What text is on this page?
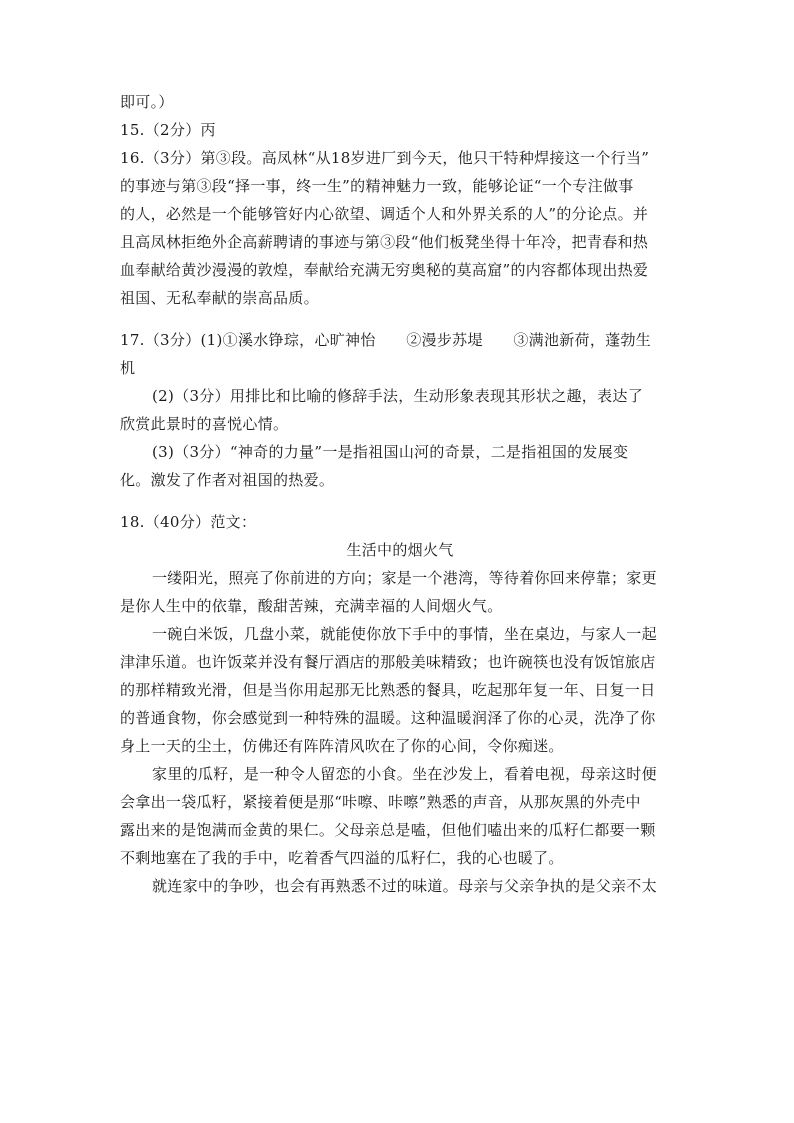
即可。）
15.（2分）丙
16.（3分）第③段。高凤林“从18岁进厂到今天，他只干特种焊接这一个行当”
的事迹与第③段“择一事，终一生”的精神魅力一致，能够论证“一个专注做事
的人，必然是一个能够管好内心欲望、调适个人和外界关系的人”的分论点。并
且高凤林拒绝外企高薪聘请的事迹与第③段“他们板凳坐得十年冷，把青春和热
血奉献给黄沙漫漫的敦煌，奉献给充满无穷奥秘的莫高窟”的内容都体现出热爱
祖国、无私奉献的崇高品质。
17.（3分）(1)①溪水铮琮，心旷神怡　　②漫步苏堤　　③满池新荷，蓬勃生
机
(2)（3分）用排比和比喻的修辞手法，生动形象表现其形状之趣，表达了
欣赏此景时的喜悦心情。
(3)（3分）“神奇的力量”一是指祖国山河的奇景，二是指祖国的发展变
化。激发了作者对祖国的热爱。
18.（40分）范文：
生活中的烟火气
一缕阳光，照亮了你前进的方向；家是一个港湾，等待着你回来停靠；家更
是你人生中的依靠，酸甜苦辣，充满幸福的人间烟火气。
一碗白米饭，几盘小菜，就能使你放下手中的事情，坐在桌边，与家人一起
津津乐道。也许饭菜并没有餐厅酒店的那般美味精致；也许碗筷也没有饭馆旅店
的那样精致光滑，但是当你用起那无比熟悉的餐具，吃起那年复一年、日复一日
的普通食物，你会感觉到一种特殊的温暖。这种温暖润泽了你的心灵，洗净了你
身上一天的尘土，仿佛还有阵阵清风吹在了你的心间，令你痴迷。
家里的瓜籽，是一种令人留恋的小食。坐在沙发上，看着电视，母亲这时便
会拿出一袋瓜籽，紧接着便是那“咔嚓、咔嚓”熟悉的声音，从那灰黑的外壳中
露出来的是饱满而金黄的果仁。父母亲总是嗑，但他们嗑出来的瓜籽仁都要一颗
不剩地塞在了我的手中，吃着香气四溢的瓜籽仁，我的心也暖了。
就连家中的争吵，也会有再熟悉不过的味道。母亲与父亲争执的是父亲不太
